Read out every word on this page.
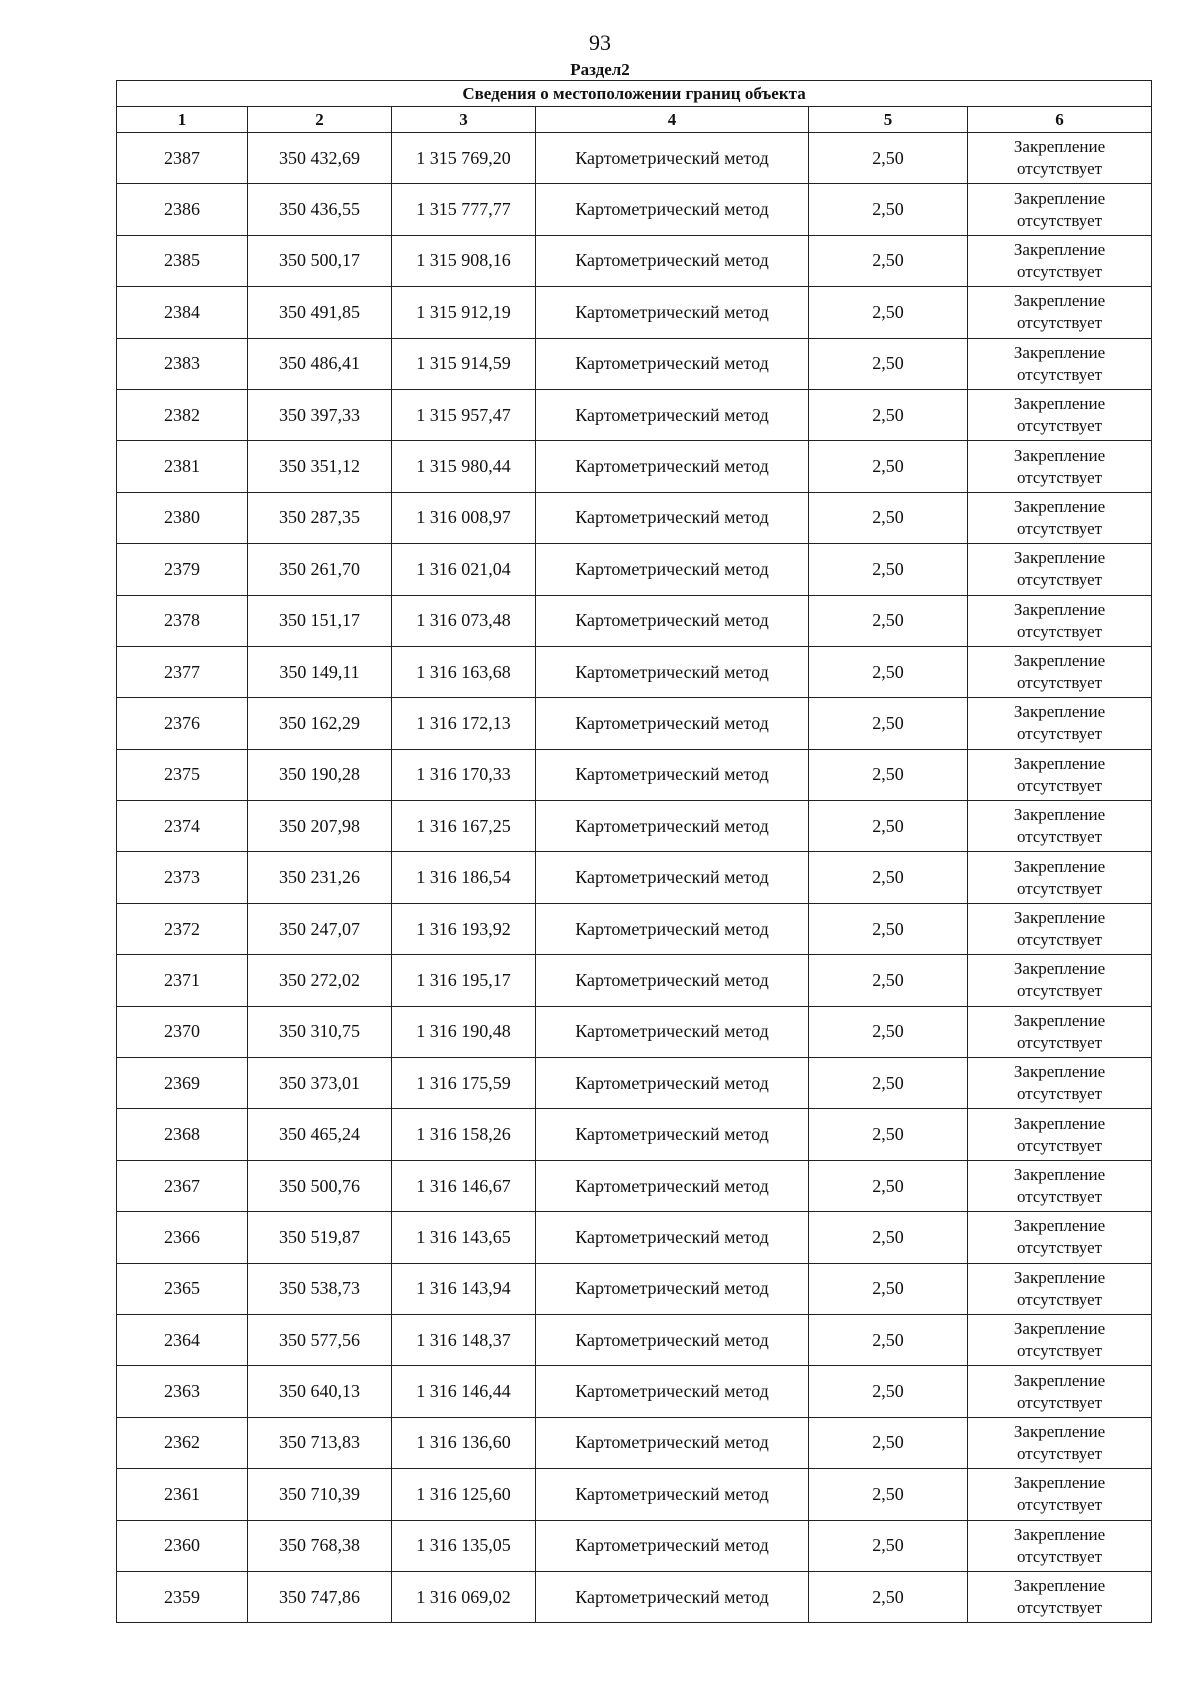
93
Раздел2
Сведения о местоположении границ объекта					
1	2	3	4	5	6
2387	350 432,69	1 315 769,20	Картометрический метод	2,50	Закрепление
отсутствует

2386	350 436,55	1 315 777,77	Картометрический метод	2,50	Закрепление
отсутствует

2385	350 500,17	1 315 908,16	Картометрический метод	2,50	Закрепление
отсутствует

2384	350 491,85	1 315 912,19	Картометрический метод	2,50	Закрепление
отсутствует

2383	350 486,41	1 315 914,59	Картометрический метод	2,50	Закрепление
отсутствует

2382	350 397,33	1 315 957,47	Картометрический метод	2,50	Закрепление
отсутствует

2381	350 351,12	1 315 980,44	Картометрический метод	2,50	Закрепление
отсутствует

2380	350 287,35	1 316 008,97	Картометрический метод	2,50	Закрепление
отсутствует

2379	350 261,70	1 316 021,04	Картометрический метод	2,50	Закрепление
отсутствует

2378	350 151,17	1 316 073,48	Картометрический метод	2,50	Закрепление
отсутствует

2377	350 149,11	1 316 163,68	Картометрический метод	2,50	Закрепление
отсутствует

2376	350 162,29	1 316 172,13	Картометрический метод	2,50	Закрепление
отсутствует

2375	350 190,28	1 316 170,33	Картометрический метод	2,50	Закрепление
отсутствует

2374	350 207,98	1 316 167,25	Картометрический метод	2,50	Закрепление
отсутствует

2373	350 231,26	1 316 186,54	Картометрический метод	2,50	Закрепление
отсутствует

2372	350 247,07	1 316 193,92	Картометрический метод	2,50	Закрепление
отсутствует

2371	350 272,02	1 316 195,17	Картометрический метод	2,50	Закрепление
отсутствует

2370	350 310,75	1 316 190,48	Картометрический метод	2,50	Закрепление
отсутствует

2369	350 373,01	1 316 175,59	Картометрический метод	2,50	Закрепление
отсутствует

2368	350 465,24	1 316 158,26	Картометрический метод	2,50	Закрепление
отсутствует

2367	350 500,76	1 316 146,67	Картометрический метод	2,50	Закрепление
отсутствует

2366	350 519,87	1 316 143,65	Картометрический метод	2,50	Закрепление
отсутствует

2365	350 538,73	1 316 143,94	Картометрический метод	2,50	Закрепление
отсутствует

2364	350 577,56	1 316 148,37	Картометрический метод	2,50	Закрепление
отсутствует

2363	350 640,13	1 316 146,44	Картометрический метод	2,50	Закрепление
отсутствует

2362	350 713,83	1 316 136,60	Картометрический метод	2,50	Закрепление
отсутствует

2361	350 710,39	1 316 125,60	Картометрический метод	2,50	Закрепление
отсутствует

2360	350 768,38	1 316 135,05	Картометрический метод	2,50	Закрепление
отсутствует

2359	350 747,86	1 316 069,02	Картометрический метод	2,50	Закрепление
отсутствует
